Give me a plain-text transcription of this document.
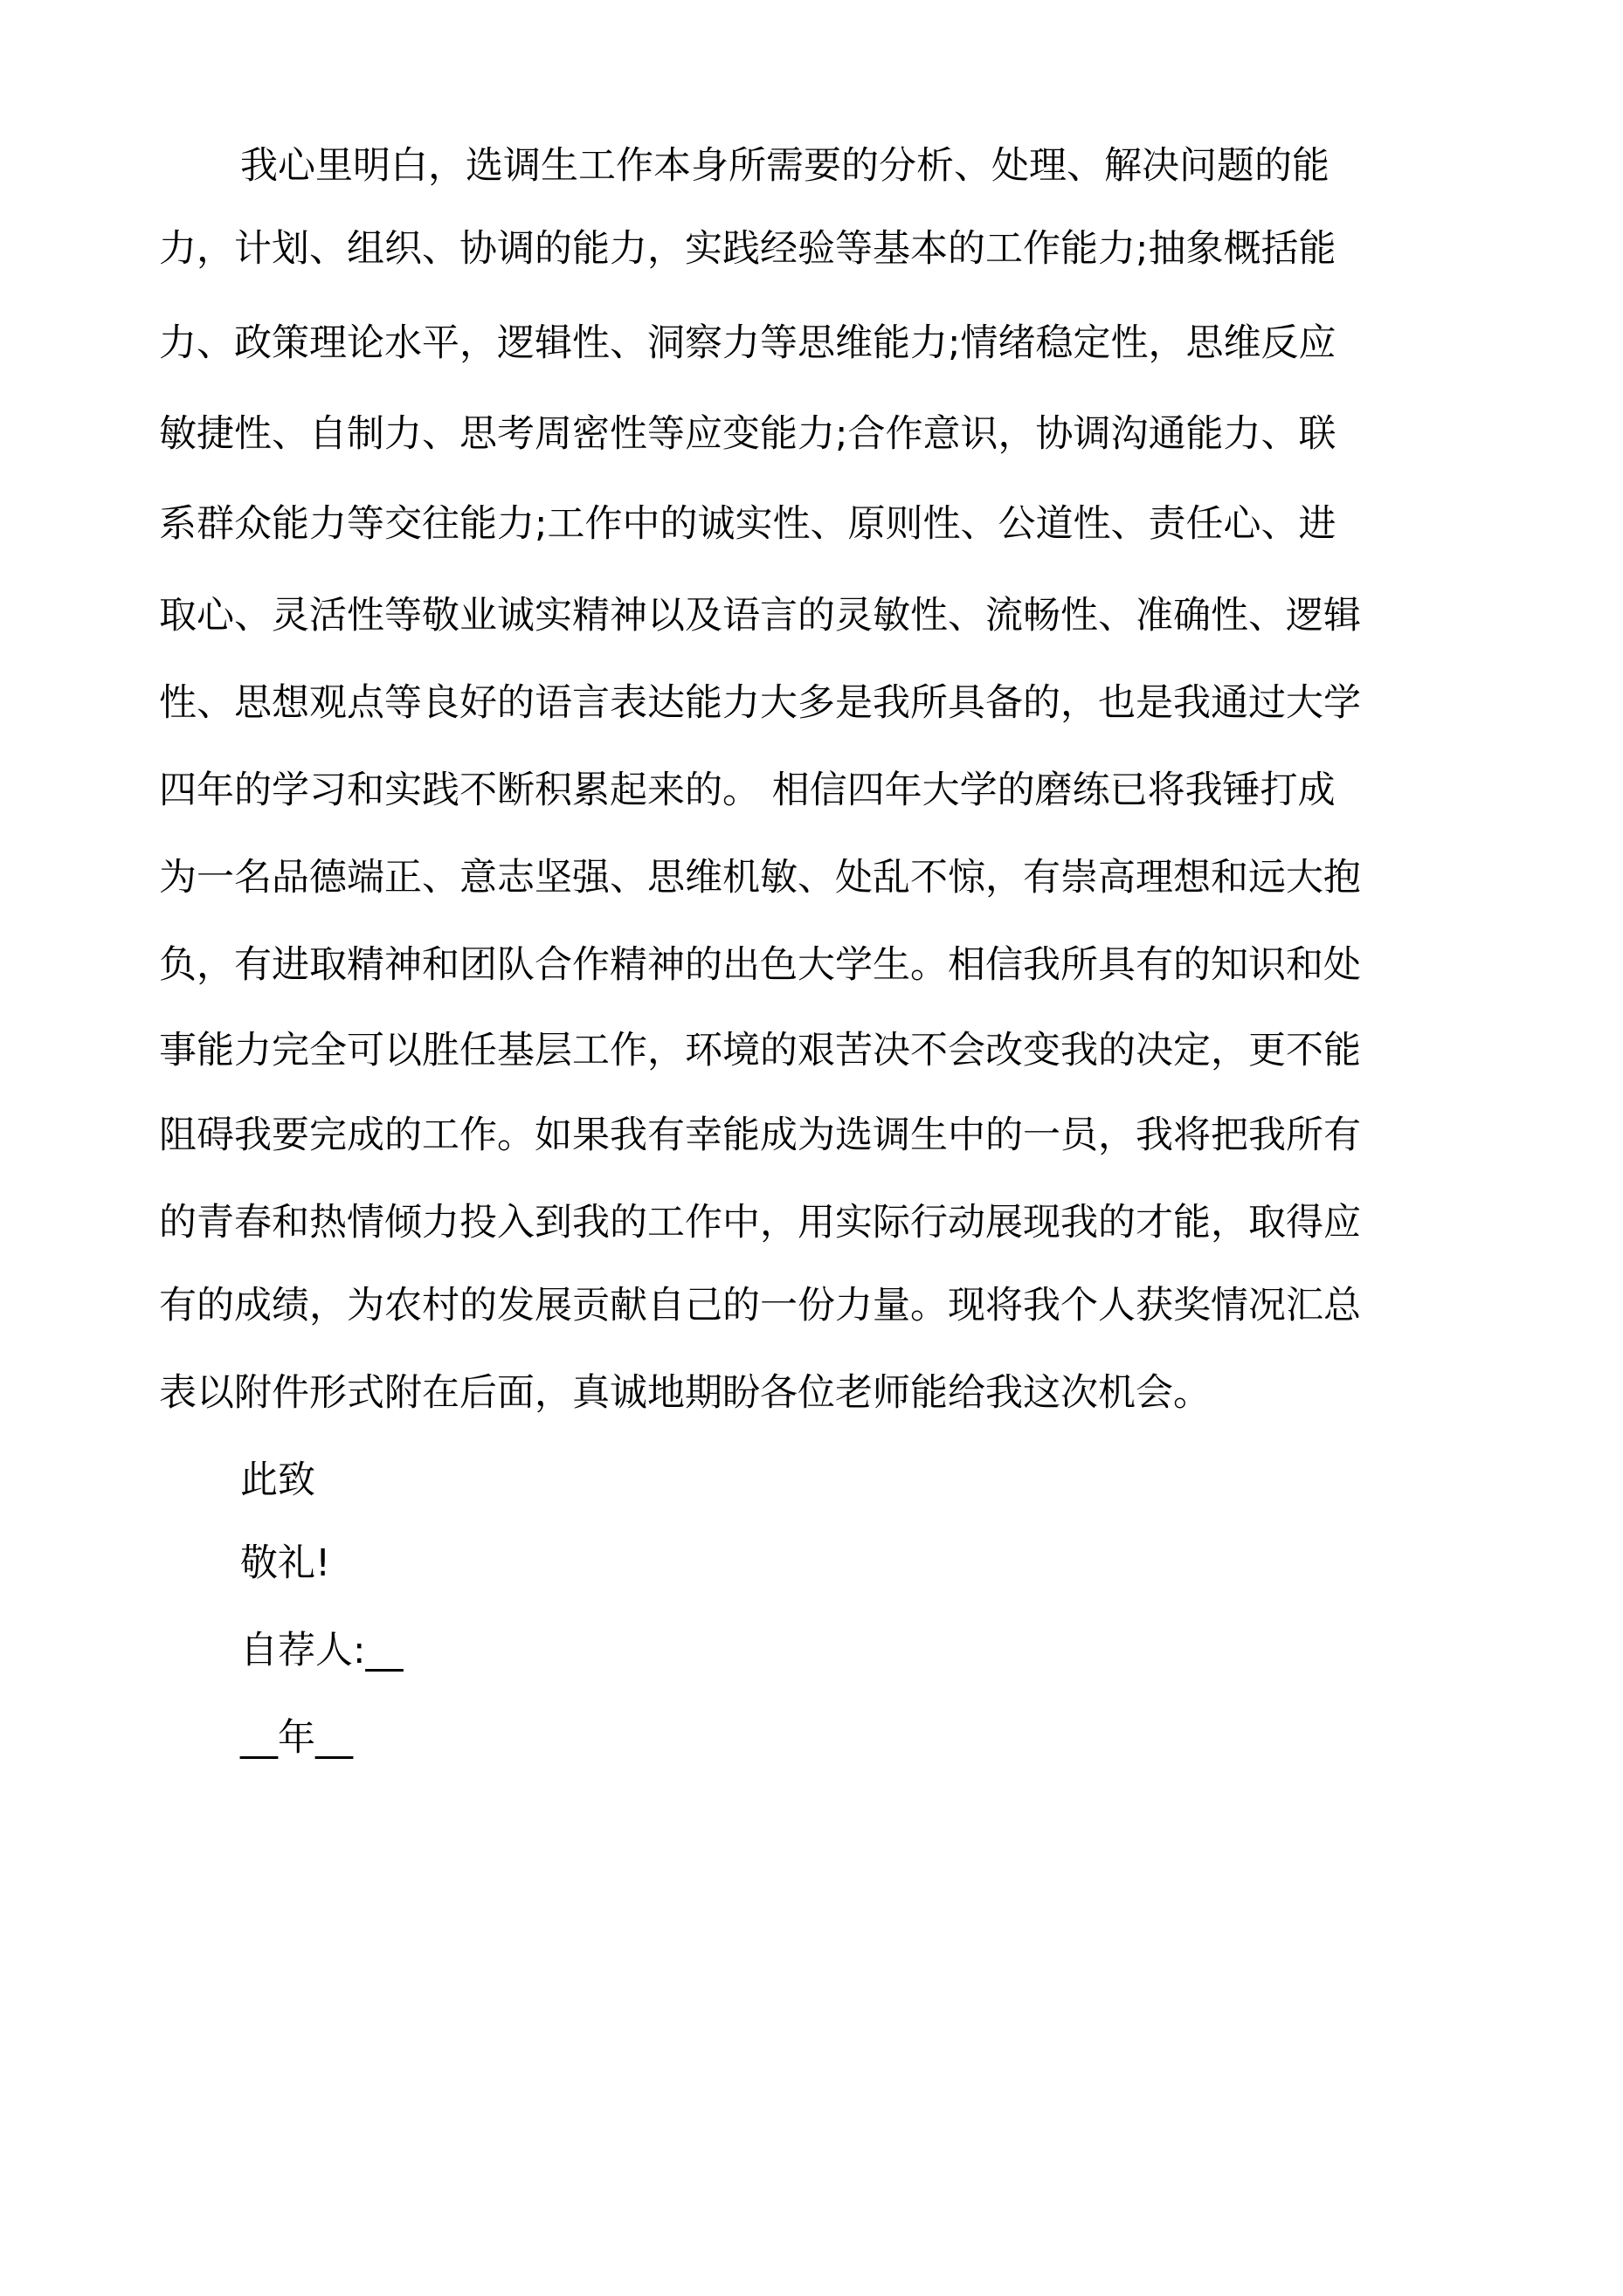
我心里明白，选调生工作本身所需要的分析、处理、解决问题的能
力，计划、组织、协调的能力，实践经验等基本的工作能力;抽象概括能
力、政策理论水平，逻辑性、洞察力等思维能力;情绪稳定性，思维反应
敏捷性、自制力、思考周密性等应变能力;合作意识，协调沟通能力、联
系群众能力等交往能力;工作中的诚实性、原则性、公道性、责任心、进
取心、灵活性等敬业诚实精神以及语言的灵敏性、流畅性、准确性、逻辑
性、思想观点等良好的语言表达能力大多是我所具备的，也是我通过大学
四年的学习和实践不断积累起来的。 相信四年大学的磨练已将我锤打成
为一名品德端正、意志坚强、思维机敏、处乱不惊，有崇高理想和远大抱
负，有进取精神和团队合作精神的出色大学生。相信我所具有的知识和处
事能力完全可以胜任基层工作，环境的艰苦决不会改变我的决定，更不能
阻碍我要完成的工作。如果我有幸能成为选调生中的一员，我将把我所有
的青春和热情倾力投入到我的工作中，用实际行动展现我的才能，取得应
有的成绩，为农村的发展贡献自己的一份力量。现将我个人获奖情况汇总
表以附件形式附在后面，真诚地期盼各位老师能给我这次机会。
此致
敬礼!
自荐人:__
__年__
